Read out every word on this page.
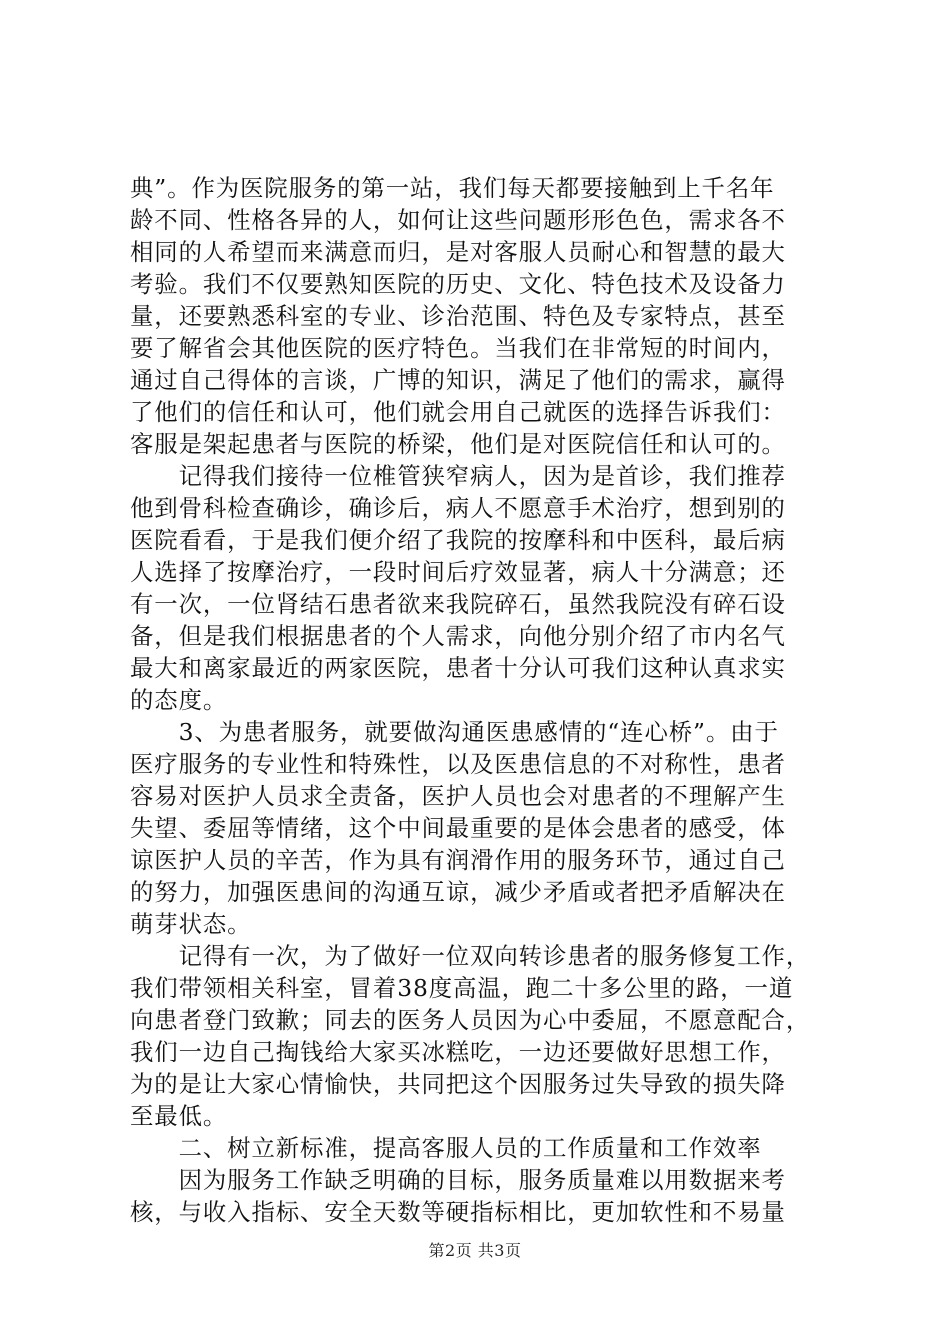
典”。作为医院服务的第一站，我们每天都要接触到上千名年
龄不同、性格各异的人，如何让这些问题形形色色，需求各不
相同的人希望而来满意而归，是对客服人员耐心和智慧的最大
考验。我们不仅要熟知医院的历史、文化、特色技术及设备力
量，还要熟悉科室的专业、诊治范围、特色及专家特点，甚至
要了解省会其他医院的医疗特色。当我们在非常短的时间内，
通过自己得体的言谈，广博的知识，满足了他们的需求，赢得
了他们的信任和认可，他们就会用自己就医的选择告诉我们：
客服是架起患者与医院的桥梁，他们是对医院信任和认可的。
　　记得我们接待一位椎管狭窄病人，因为是首诊，我们推荐
他到骨科检查确诊，确诊后，病人不愿意手术治疗，想到别的
医院看看，于是我们便介绍了我院的按摩科和中医科，最后病
人选择了按摩治疗，一段时间后疗效显著，病人十分满意；还
有一次，一位肾结石患者欲来我院碎石，虽然我院没有碎石设
备，但是我们根据患者的个人需求，向他分别介绍了市内名气
最大和离家最近的两家医院，患者十分认可我们这种认真求实
的态度。
　　3、为患者服务，就要做沟通医患感情的“连心桥”。由于
医疗服务的专业性和特殊性，以及医患信息的不对称性，患者
容易对医护人员求全责备，医护人员也会对患者的不理解产生
失望、委屈等情绪，这个中间最重要的是体会患者的感受，体
谅医护人员的辛苦，作为具有润滑作用的服务环节，通过自己
的努力，加强医患间的沟通互谅，减少矛盾或者把矛盾解决在
萌芽状态。
　　记得有一次，为了做好一位双向转诊患者的服务修复工作，
我们带领相关科室，冒着38度高温，跑二十多公里的路，一道
向患者登门致歉；同去的医务人员因为心中委屈，不愿意配合，
我们一边自己掏钱给大家买冰糕吃，一边还要做好思想工作，
为的是让大家心情愉快，共同把这个因服务过失导致的损失降
至最低。
　　二、树立新标准，提高客服人员的工作质量和工作效率
　　因为服务工作缺乏明确的目标，服务质量难以用数据来考
核，与收入指标、安全天数等硬指标相比，更加软性和不易量
第2页 共3页
